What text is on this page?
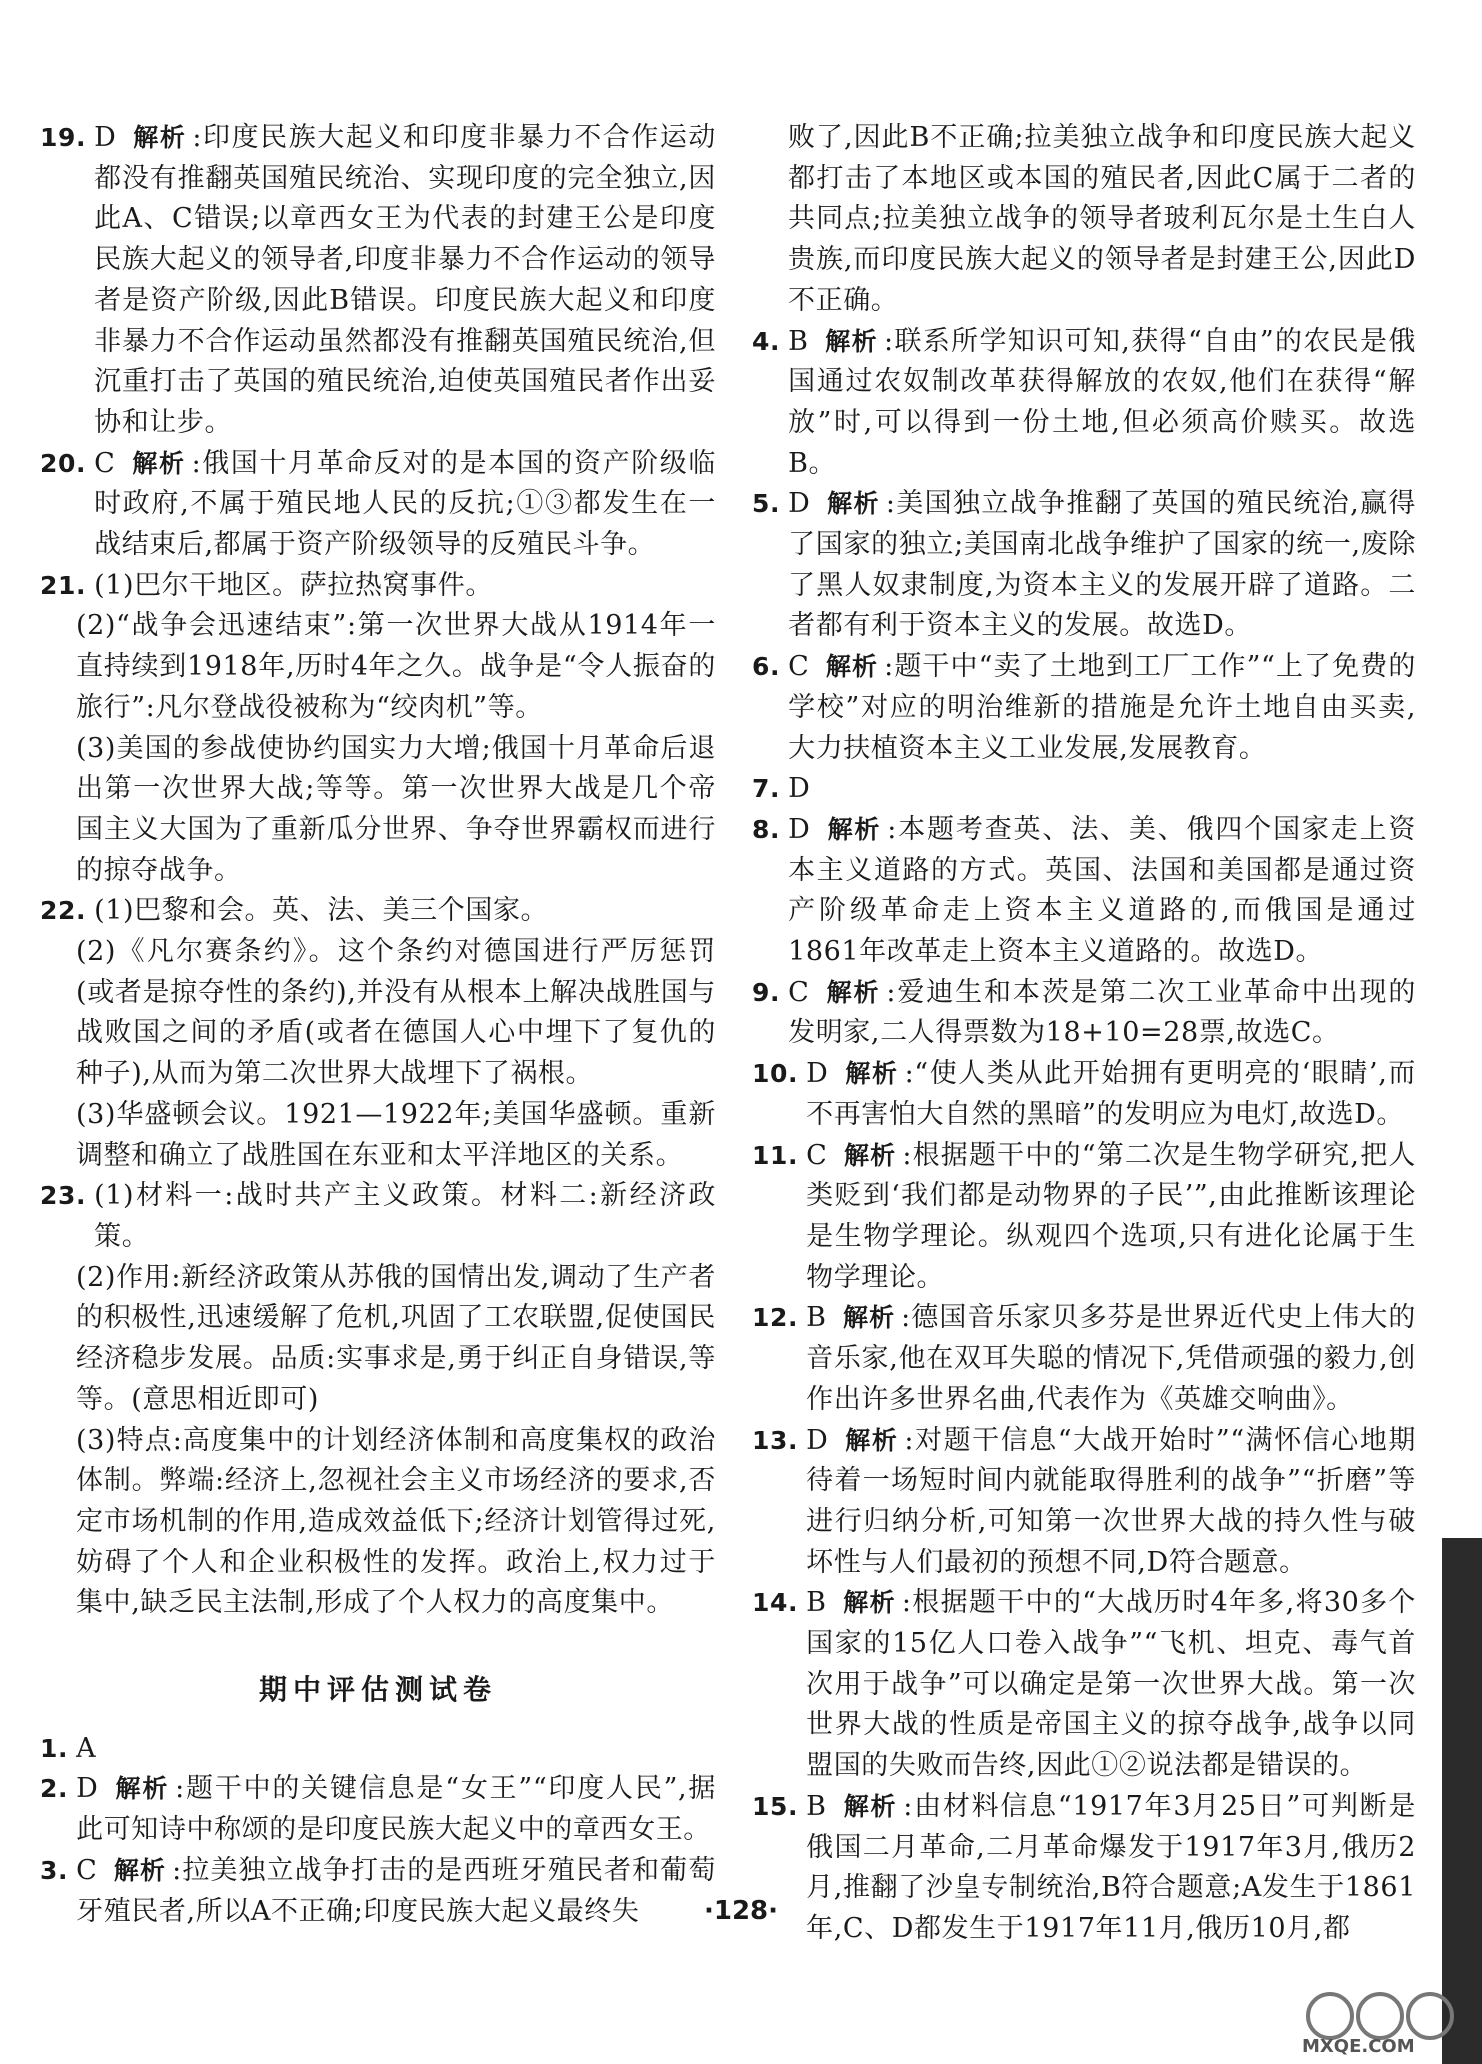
19. D 解析 :印度民族大起义和印度非暴力不合作运动都没有推翻英国殖民统治、实现印度的完全独立,因此A、C错误;以章西女王为代表的封建王公是印度民族大起义的领导者,印度非暴力不合作运动的领导者是资产阶级,因此B错误。印度民族大起义和印度非暴力不合作运动虽然都没有推翻英国殖民统治,但沉重打击了英国的殖民统治,迫使英国殖民者作出妥协和让步。
20. C 解析 :俄国十月革命反对的是本国的资产阶级临时政府,不属于殖民地人民的反抗;①③都发生在一战结束后,都属于资产阶级领导的反殖民斗争。
21. (1)巴尔干地区。萨拉热窝事件。
(2)“战争会迅速结束”:第一次世界大战从1914年一直持续到1918年,历时4年之久。战争是“令人振奋的旅行”:凡尔登战役被称为“绞肉机”等。
(3)美国的参战使协约国实力大增;俄国十月革命后退出第一次世界大战;等等。第一次世界大战是几个帝国主义大国为了重新瓜分世界、争夺世界霸权而进行的掠夺战争。
22. (1)巴黎和会。英、法、美三个国家。
(2)《凡尔赛条约》。这个条约对德国进行严厉惩罚(或者是掠夺性的条约),并没有从根本上解决战胜国与战败国之间的矛盾(或者在德国人心中埋下了复仇的种子),从而为第二次世界大战埋下了祸根。
(3)华盛顿会议。1921—1922年;美国华盛顿。重新调整和确立了战胜国在东亚和太平洋地区的关系。
23. (1)材料一:战时共产主义政策。材料二:新经济政策。
(2)作用:新经济政策从苏俄的国情出发,调动了生产者的积极性,迅速缓解了危机,巩固了工农联盟,促使国民经济稳步发展。品质:实事求是,勇于纠正自身错误,等等。(意思相近即可)
(3)特点:高度集中的计划经济体制和高度集权的政治体制。弊端:经济上,忽视社会主义市场经济的要求,否定市场机制的作用,造成效益低下;经济计划管得过死,妨碍了个人和企业积极性的发挥。政治上,权力过于集中,缺乏民主法制,形成了个人权力的高度集中。
期中评估测试卷
1. A
2. D 解析 :题干中的关键信息是“女王”“印度人民”,据此可知诗中称颂的是印度民族大起义中的章西女王。
3. C 解析 :拉美独立战争打击的是西班牙殖民者和葡萄牙殖民者,所以A不正确;印度民族大起义最终失
败了,因此B不正确;拉美独立战争和印度民族大起义都打击了本地区或本国的殖民者,因此C属于二者的共同点;拉美独立战争的领导者玻利瓦尔是土生白人贵族,而印度民族大起义的领导者是封建王公,因此D不正确。
4. B 解析 :联系所学知识可知,获得“自由”的农民是俄国通过农奴制改革获得解放的农奴,他们在获得“解放”时,可以得到一份土地,但必须高价赎买。故选B。
5. D 解析 :美国独立战争推翻了英国的殖民统治,赢得了国家的独立;美国南北战争维护了国家的统一,废除了黑人奴隶制度,为资本主义的发展开辟了道路。二者都有利于资本主义的发展。故选D。
6. C 解析 :题干中“卖了土地到工厂工作”“上了免费的学校”对应的明治维新的措施是允许土地自由买卖,大力扶植资本主义工业发展,发展教育。
7. D
8. D 解析 :本题考查英、法、美、俄四个国家走上资本主义道路的方式。英国、法国和美国都是通过资产阶级革命走上资本主义道路的,而俄国是通过1861年改革走上资本主义道路的。故选D。
9. C 解析 :爱迪生和本茨是第二次工业革命中出现的发明家,二人得票数为18+10=28票,故选C。
10. D 解析 :“使人类从此开始拥有更明亮的‘眼睛’,而不再害怕大自然的黑暗”的发明应为电灯,故选D。
11. C 解析 :根据题干中的“第二次是生物学研究,把人类贬到‘我们都是动物界的子民’”,由此推断该理论是生物学理论。纵观四个选项,只有进化论属于生物学理论。
12. B 解析 :德国音乐家贝多芬是世界近代史上伟大的音乐家,他在双耳失聪的情况下,凭借顽强的毅力,创作出许多世界名曲,代表作为《英雄交响曲》。
13. D 解析 :对题干信息“大战开始时”“满怀信心地期待着一场短时间内就能取得胜利的战争”“折磨”等进行归纳分析,可知第一次世界大战的持久性与破坏性与人们最初的预想不同,D符合题意。
14. B 解析 :根据题干中的“大战历时4年多,将30多个国家的15亿人口卷入战争”“飞机、坦克、毒气首次用于战争”可以确定是第一次世界大战。第一次世界大战的性质是帝国主义的掠夺战争,战争以同盟国的失败而告终,因此①②说法都是错误的。
15. B 解析 :由材料信息“1917年3月25日”可判断是俄国二月革命,二月革命爆发于1917年3月,俄历2月,推翻了沙皇专制统治,B符合题意;A发生于1861年,C、D都发生于1917年11月,俄历10月,都
·128·
MXQE.COM
